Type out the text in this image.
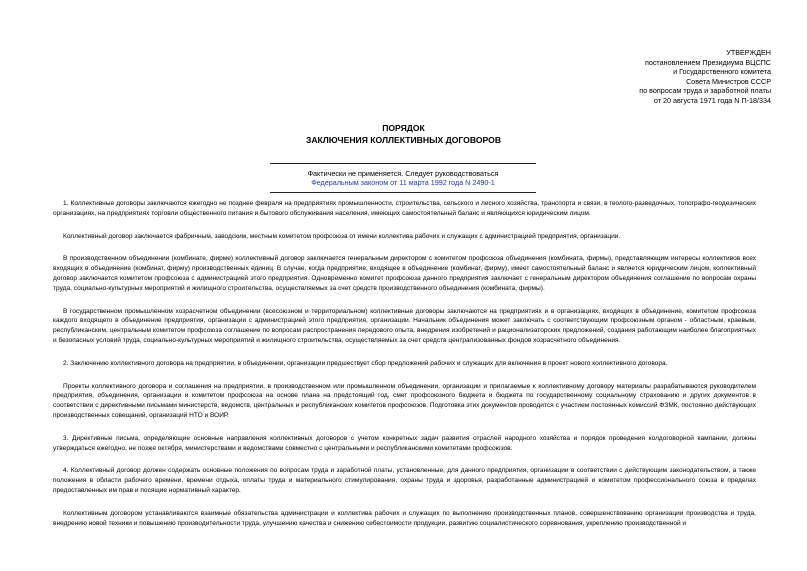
УТВЕРЖДЕН
постановлением Президиума ВЦСПС
и Государственного комитета
Совета Министров СССР
по вопросам труда и заработной платы
от 20 августа 1971 года N П-18/334
ПОРЯДОК
ЗАКЛЮЧЕНИЯ КОЛЛЕКТИВНЫХ ДОГОВОРОВ
Фактически не применяется. Следует руководствоваться
Федеральным законом от 11 марта 1992 года N 2490-1

1. Коллективные договоры заключаются ежегодно не позднее февраля на предприятиях промышленности, строительства, сельского и лесного хозяйства, транспорта и связи, в геолого-разведочных, топографо-геодезических организациях, на предприятиях торговли общественного питания и бытового обслуживания населения, имеющих самостоятельный баланс и являющихся юридическим лицом.

Коллективный договор заключается фабричным, заводским, местным комитетом профсоюза от имени коллектива рабочих и служащих с администрацией предприятия, организации.

В производственном объединении (комбинате, фирме) коллективный договор заключается генеральным директором с комитетом профсоюза объединения (комбината, фирмы), представляющим интересы коллективов всех входящих в объединение (комбинат, фирму) производственных единиц. В случае, когда предприятие, входящее в объединение (комбинат, фирму), имеет самостоятельный баланс и является юридическим лицом, коллективный договор заключается комитетом профсоюза с администрацией этого предприятия. Одновременно комитет профсоюза данного предприятия заключает с генеральным директором объединения соглашение по вопросам охраны труда, социально-культурных мероприятий и жилищного строительства, осуществляемых за счет средств производственного объединения (комбината, фирмы).

В государственном промышленном хозрасчетном объединении (всесоюзном и территориальном) коллективные договоры заключаются на предприятиях и в организациях, входящих в объединение, комитетом профсоюза каждого входящего в объединение предприятия, организации с администрацией этого предприятия, организации. Начальник объединения может заключать с соответствующим профсоюзным органом - областным, краевым, республиканским, центральным комитетом профсоюза соглашение по вопросам распространения передового опыта, внедрения изобретений и рационализаторских предложений, создания работающим наиболее благоприятных и безопасных условий труда, социально-культурных мероприятий и жилищного строительства, осуществляемых за счет средств централизованных фондов хозрасчетного объединения.

2. Заключению коллективного договора на предприятии, в объединении, организации предшествует сбор предложений рабочих и служащих для включения в проект нового коллективного договора.

Проекты коллективного договора и соглашения на предприятии, в производственном или промышленном объединении, организации и прилагаемые к коллективному договору материалы разрабатываются руководителем предприятия, объединения, организации и комитетом профсоюза на основе плана на предстоящий год, смет профсоюзного бюджета и бюджета по государственному социальному страхованию и других документов в соответствии с директивными письмами министерств, ведомств, центральных и республиканских комитетов профсоюзов. Подготовка этих документов проводится с участием постоянных комиссий ФЗМК, постоянно действующих производственных совещаний, организаций НТО и ВОИР.

3. Директивные письма, определяющие основные направления коллективных договоров с учетом конкретных задач развития отраслей народного хозяйства и порядок проведения колдоговорной кампании, должны утверждаться ежегодно, не позже октября, министерствами и ведомствами совместно с центральными и республиканскими комитетами профсоюзов.

4. Коллективный договор должен содержать основные положения по вопросам труда и заработной платы, установленные, для данного предприятия, организации в соответствии с действующим законодательством, а также положения в области рабочего времени, времени отдыха, оплаты труда и материального стимулирования, охраны труда и здоровья, разработанные администрацией и комитетом профессионального союза в пределах предоставленных им прав и посящие нормативный характер.

Коллективным договором устанавливаются взаимные обязательства администрации и коллектива рабочих и служащих по выполнению производственных планов, совершенствованию организации производства и труда, внедрению новой техники и повышению производительности труда, улучшению качества и снижению себестоимости продукции, развитию социалистического соревнования, укреплению производственной и
